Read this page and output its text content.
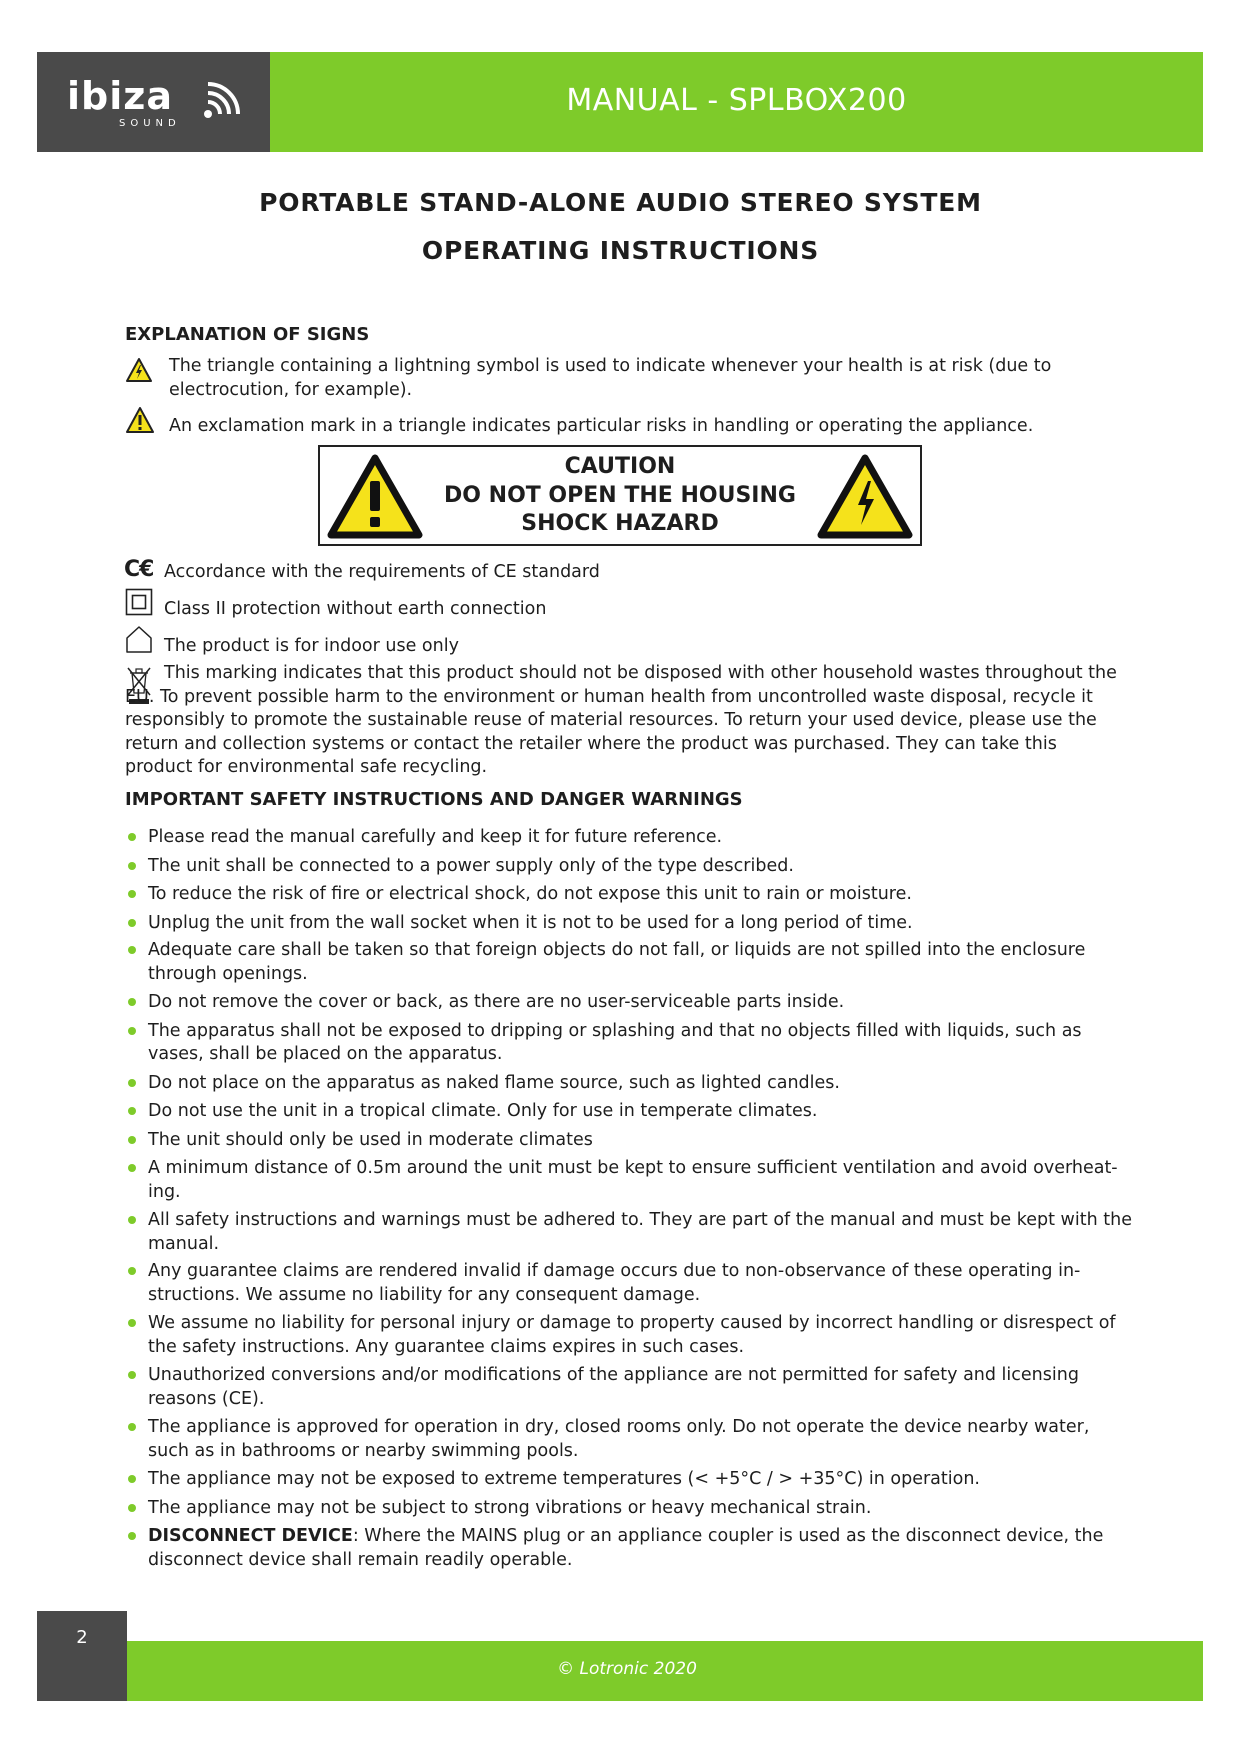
ibiza
SOUND
MANUAL - SPLBOX200
PORTABLE STAND-ALONE AUDIO STEREO SYSTEM
OPERATING INSTRUCTIONS
EXPLANATION OF SIGNS
The triangle containing a lightning symbol is used to indicate whenever your health is at risk (due to electrocution, for example).
An exclamation mark in a triangle indicates particular risks in handling or operating the appliance.
CAUTION
DO NOT OPEN THE HOUSING
SHOCK HAZARD
C€ Accordance with the requirements of CE standard
Class II protection without earth connection
The product is for indoor use only
This marking indicates that this product should not be disposed with other household wastes throughout the EU. To prevent possible harm to the environment or human health from uncontrolled waste disposal, recycle it responsibly to promote the sustainable reuse of material resources. To return your used device, please use the return and collection systems or contact the retailer where the product was purchased. They can take this product for environmental safe recycling.
IMPORTANT SAFETY INSTRUCTIONS AND DANGER WARNINGS
Please read the manual carefully and keep it for future reference.
The unit shall be connected to a power supply only of the type described.
To reduce the risk of fire or electrical shock, do not expose this unit to rain or moisture.
Unplug the unit from the wall socket when it is not to be used for a long period of time.
Adequate care shall be taken so that foreign objects do not fall, or liquids are not spilled into the enclosure through openings.
Do not remove the cover or back, as there are no user-serviceable parts inside.
The apparatus shall not be exposed to dripping or splashing and that no objects filled with liquids, such as vases, shall be placed on the apparatus.
Do not place on the apparatus as naked flame source, such as lighted candles.
Do not use the unit in a tropical climate. Only for use in temperate climates.
The unit should only be used in moderate climates
A minimum distance of 0.5m around the unit must be kept to ensure sufficient ventilation and avoid overheat-ing.
All safety instructions and warnings must be adhered to. They are part of the manual and must be kept with the manual.
Any guarantee claims are rendered invalid if damage occurs due to non-observance of these operating in-structions. We assume no liability for any consequent damage.
We assume no liability for personal injury or damage to property caused by incorrect handling or disrespect of the safety instructions. Any guarantee claims expires in such cases.
Unauthorized conversions and/or modifications of the appliance are not permitted for safety and licensing reasons (CE).
The appliance is approved for operation in dry, closed rooms only. Do not operate the device nearby water, such as in bathrooms or nearby swimming pools.
The appliance may not be exposed to extreme temperatures (< +5°C / > +35°C) in operation.
The appliance may not be subject to strong vibrations or heavy mechanical strain.
DISCONNECT DEVICE: Where the MAINS plug or an appliance coupler is used as the disconnect device, the disconnect device shall remain readily operable.
2
© Lotronic 2020
